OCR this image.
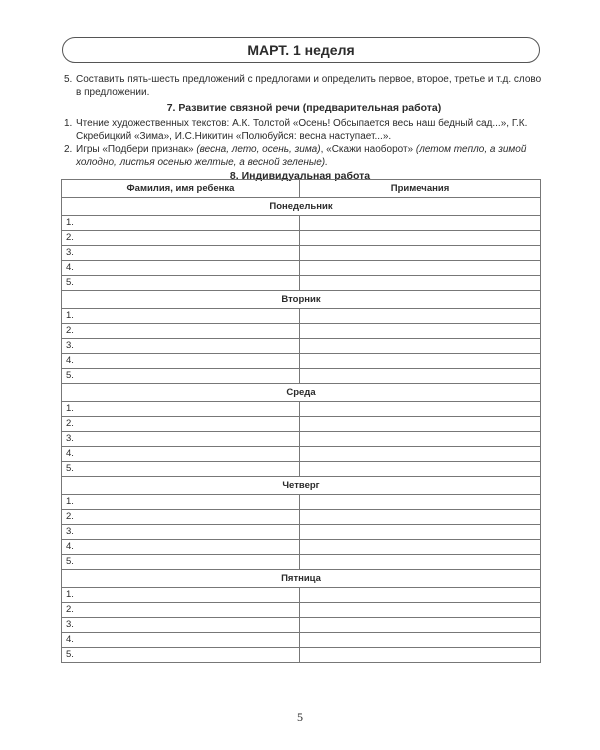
МАРТ. 1 неделя
5. Составить пять-шесть предложений с предлогами и определить первое, второе, третье и т.д. слово в предложении.
7. Развитие связной речи (предварительная работа)
1. Чтение художественных текстов: А.К. Толстой «Осень! Обсыпается весь наш бедный сад...», Г.К. Скребицкий «Зима», И.С.Никитин «Полюбуйся: весна наступает...».
2. Игры «Подбери признак» (весна, лето, осень, зима), «Скажи наоборот» (летом тепло, а зимой холодно, листья осенью желтые, а весной зеленые).
8. Индивидуальная работа
Фамилия, имя ребенка	Примечания
Понедельник	
1.	
2.	
3.	
4.	
5.	
Вторник	
1.	
2.	
3.	
4.	
5.	
Среда	
1.	
2.	
3.	
4.	
5.	
Четверг	
1.	
2.	
3.	
4.	
5.	
Пятница	
1.	
2.	
3.	
4.	
5.	
5
